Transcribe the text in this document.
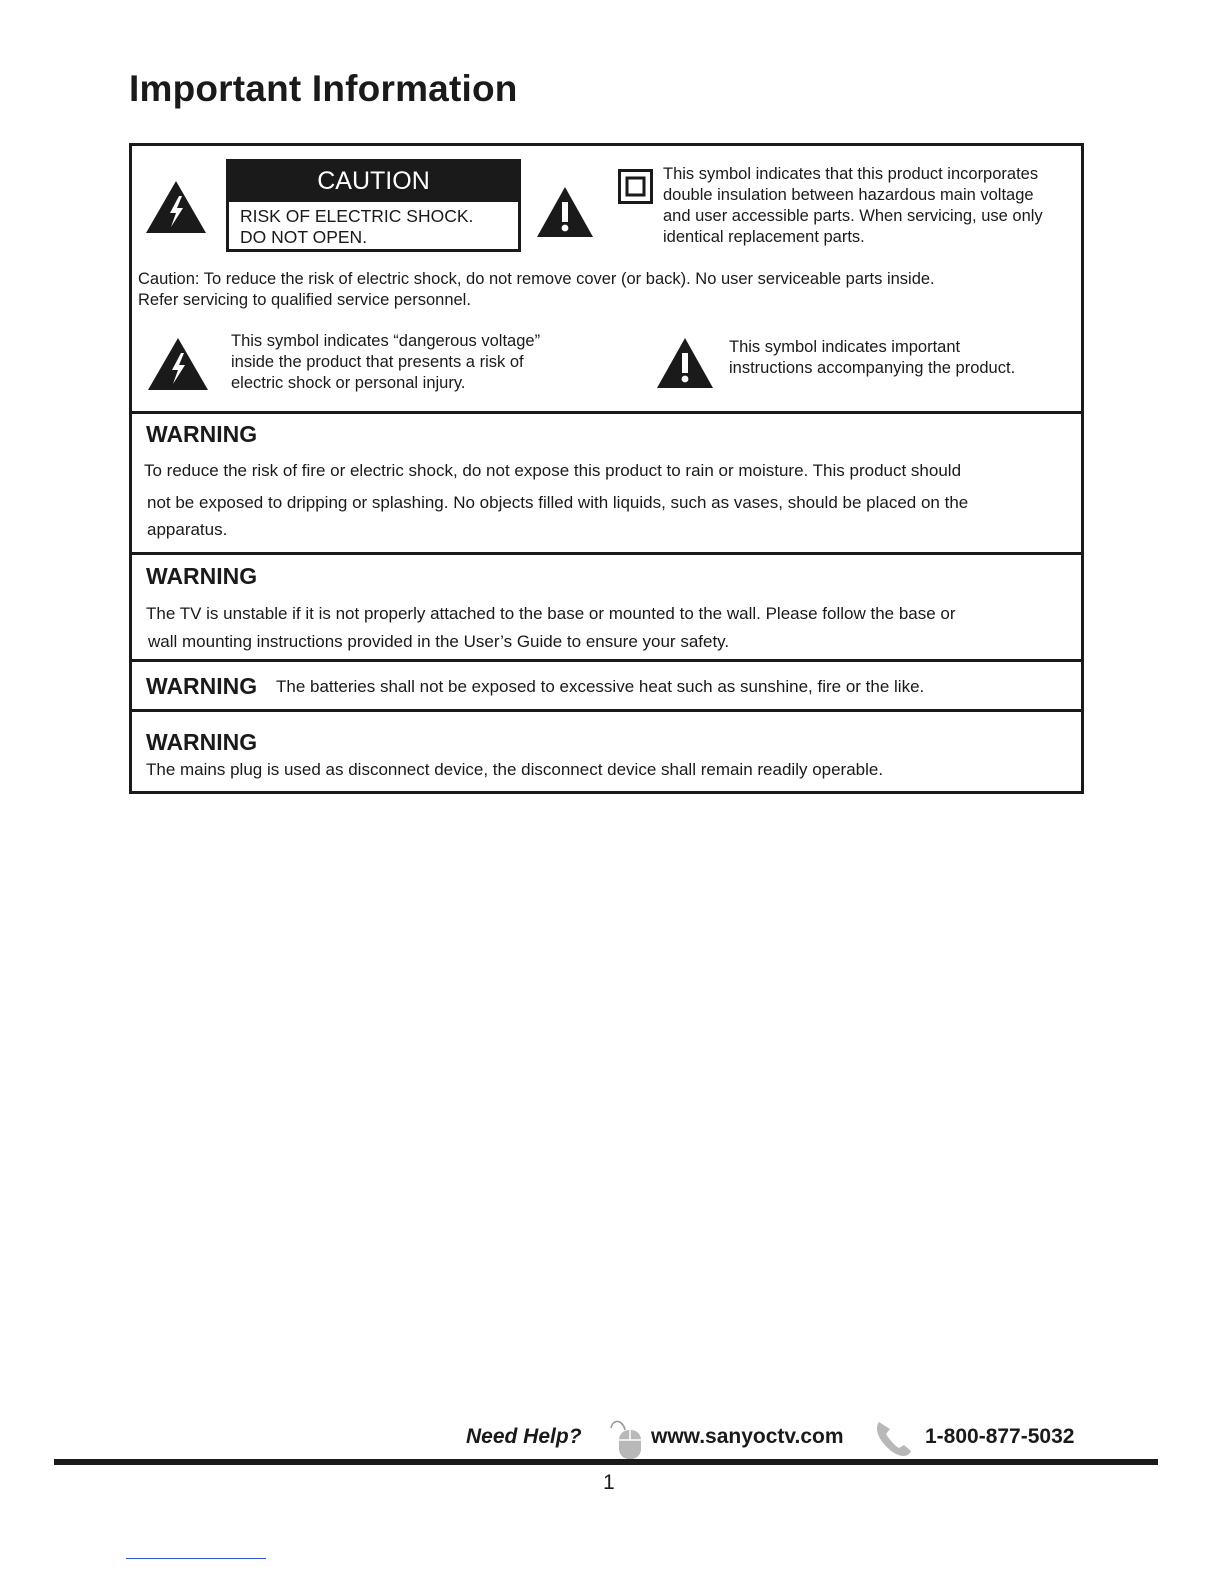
Important Information
CAUTION
RISK OF ELECTRIC SHOCK.
DO NOT OPEN.
This symbol indicates that this product incorporates
double insulation between hazardous main voltage
and user accessible parts. When servicing, use only
identical replacement parts.
Caution: To reduce the risk of electric shock, do not remove cover (or back). No user serviceable parts inside.
Refer servicing to qualified service personnel.
This symbol indicates “dangerous voltage”
inside the product that presents a risk of
electric shock or personal injury.
This symbol indicates important
instructions accompanying the product.
WARNING
To reduce the risk of fire or electric shock, do not expose this product to rain or moisture. This product should
not be exposed to dripping or splashing. No objects filled with liquids, such as vases, should be placed on the
apparatus.
WARNING
The TV is unstable if it is not properly attached to the base or mounted to the wall. Please follow the base or
wall mounting instructions provided in the User’s Guide to ensure your safety.
WARNING The batteries shall not be exposed to excessive heat such as sunshine, fire or the like.
WARNING
The mains plug is used as disconnect device, the disconnect device shall remain readily operable.
Need Help?	www.sanyoctv.com	1-800-877-5032
1
